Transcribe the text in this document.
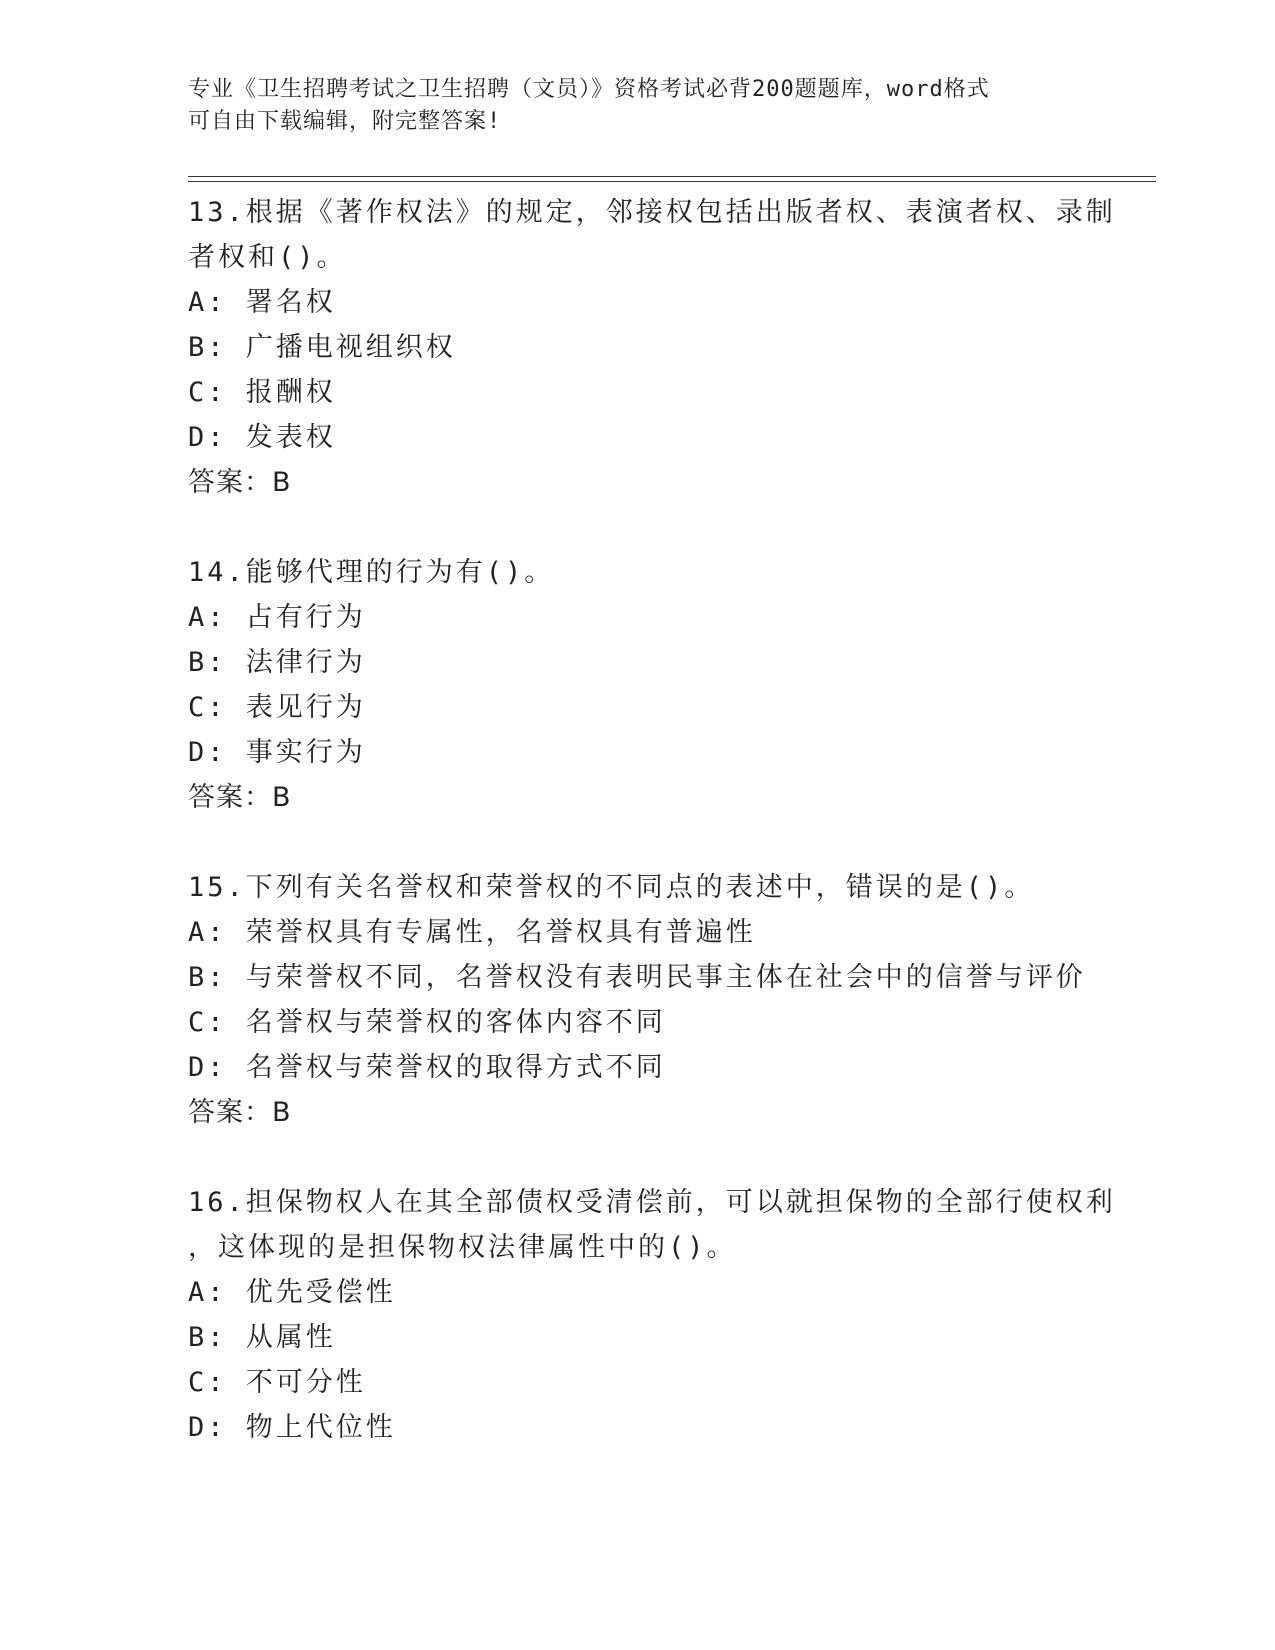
专业《卫生招聘考试之卫生招聘（文员）》资格考试必背200题题库，word格式
可自由下载编辑，附完整答案!
13.根据《著作权法》的规定，邻接权包括出版者权、表演者权、录制
者权和()。
A: 署名权
B: 广播电视组织权
C: 报酬权
D: 发表权
答案：B
14.能够代理的行为有()。
A: 占有行为
B: 法律行为
C: 表见行为
D: 事实行为
答案：B
15.下列有关名誉权和荣誉权的不同点的表述中，错误的是()。
A: 荣誉权具有专属性，名誉权具有普遍性
B: 与荣誉权不同，名誉权没有表明民事主体在社会中的信誉与评价
C: 名誉权与荣誉权的客体内容不同
D: 名誉权与荣誉权的取得方式不同
答案：B
16.担保物权人在其全部债权受清偿前，可以就担保物的全部行使权利
，这体现的是担保物权法律属性中的()。
A: 优先受偿性
B: 从属性
C: 不可分性
D: 物上代位性
